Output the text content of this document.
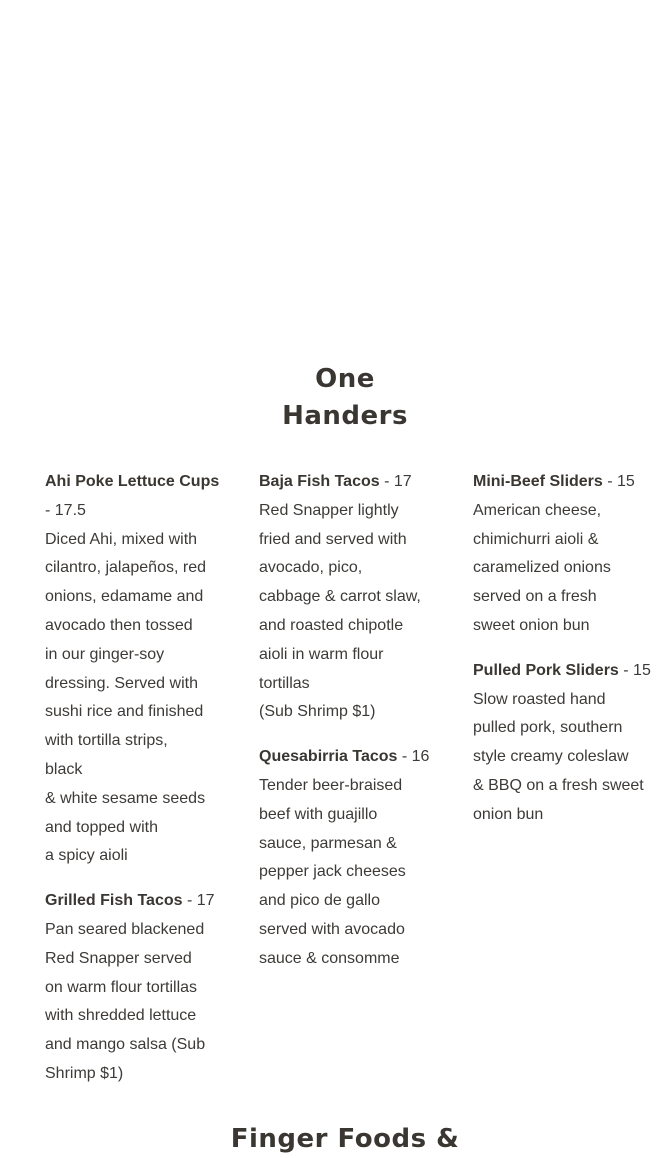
One
Handers
Ahi Poke Lettuce Cups
- 17.5
Diced Ahi, mixed with
cilantro, jalapeños, red
onions, edamame and
avocado then tossed
in our ginger-soy
dressing. Served with
sushi rice and finished
with tortilla strips,
black
& white sesame seeds
and topped with
a spicy aioli
Grilled Fish Tacos - 17
Pan seared blackened
Red Snapper served
on warm flour tortillas
with shredded lettuce
and mango salsa (Sub
Shrimp $1)
Baja Fish Tacos - 17
Red Snapper lightly
fried and served with
avocado, pico,
cabbage & carrot slaw,
and roasted chipotle
aioli in warm flour
tortillas
(Sub Shrimp $1)
Quesabirria Tacos - 16
Tender beer-braised
beef with guajillo
sauce, parmesan &
pepper jack cheeses
and pico de gallo
served with avocado
sauce & consomme
Mini-Beef Sliders - 15
American cheese,
chimichurri aioli &
caramelized onions
served on a fresh
sweet onion bun
Pulled Pork Sliders - 15
Slow roasted hand
pulled pork, southern
style creamy coleslaw
& BBQ on a fresh sweet
onion bun
Finger Foods &
